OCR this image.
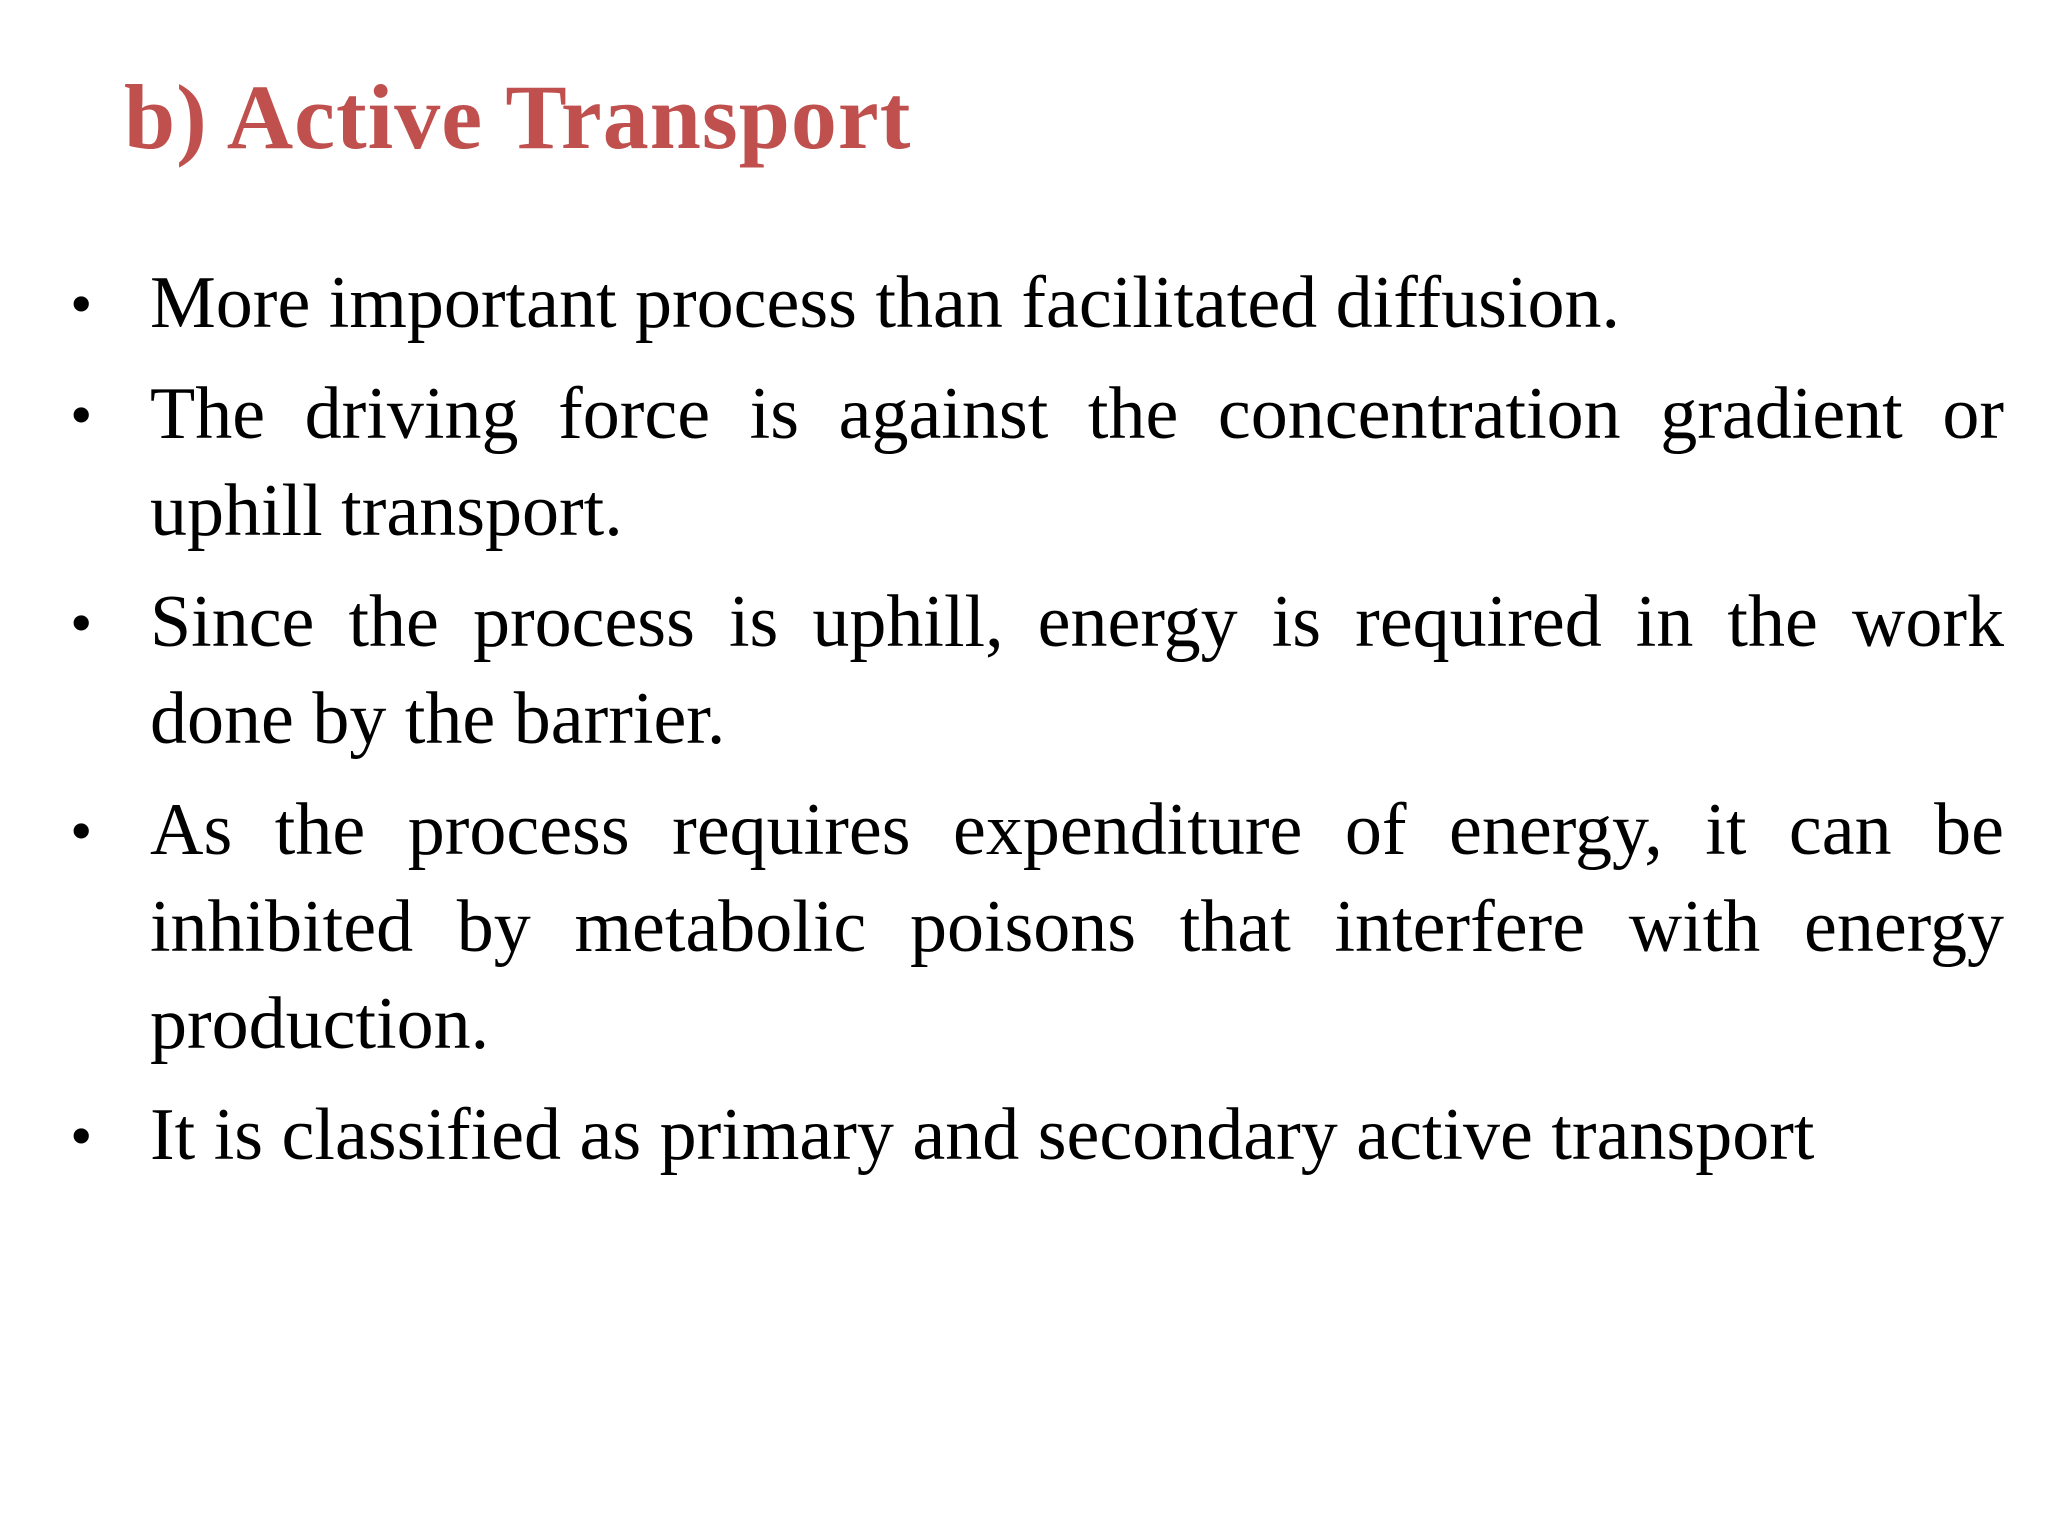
b) Active Transport
• More important process than facilitated diffusion.
• The driving force is against the concentration gradient or uphill transport.
• Since the process is uphill, energy is required in the work done by the barrier.
• As the process requires expenditure of energy, it can be inhibited by metabolic poisons that interfere with energy production.
• It is classified as primary and secondary active transport
